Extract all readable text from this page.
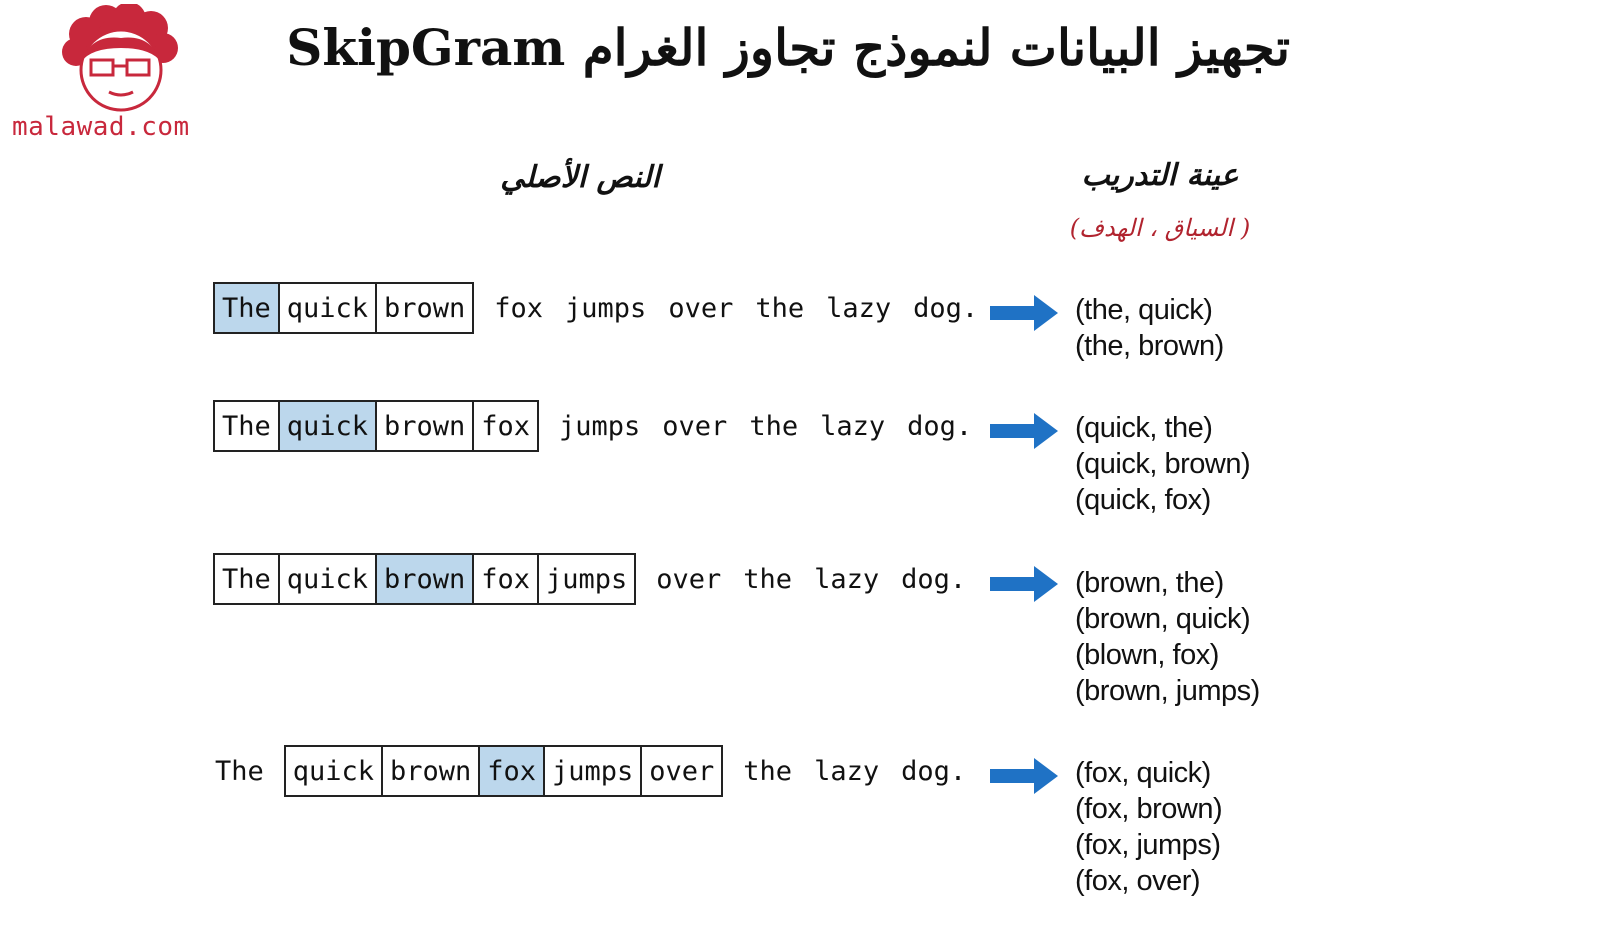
malawad.com
تجهيز البيانات لنموذج تجاوز الغرام SkipGram
النص الأصلي	عينة التدريب
( السياق ، الهدف)
The quick brown	fox jumps over the lazy dog.	(the, quick)
(the, brown)
The quick brown fox	jumps over the lazy dog.	(quick, the)
(quick, brown)
(quick, fox)
The quick brown fox jumps	over the lazy dog.	(brown, the)
(brown, quick)
(blown, fox)
(brown, jumps)
The	quick brown fox jumps over	the lazy dog.	(fox, quick)
(fox, brown)
(fox, jumps)
(fox, over)
